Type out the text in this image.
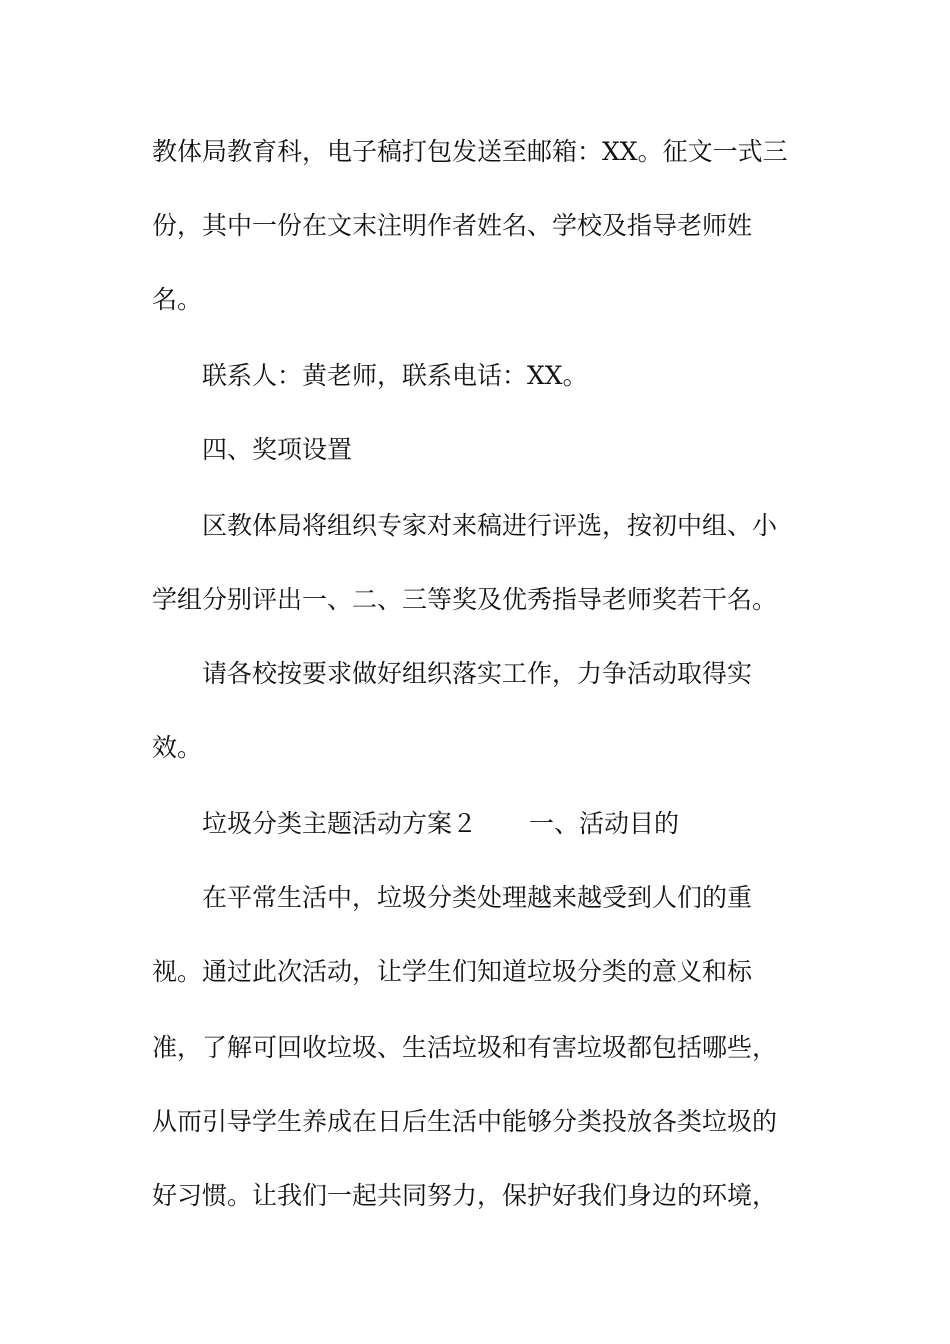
教体局教育科，电子稿打包发送至邮箱：XX。征文一式三
份，其中一份在文末注明作者姓名、学校及指导老师姓
名。
联系人：黄老师，联系电话：XX。
四、奖项设置
区教体局将组织专家对来稿进行评选，按初中组、小
学组分别评出一、二、三等奖及优秀指导老师奖若干名。
请各校按要求做好组织落实工作，力争活动取得实
效。
垃圾分类主题活动方案２ 一、活动目的
在平常生活中，垃圾分类处理越来越受到人们的重
视。通过此次活动，让学生们知道垃圾分类的意义和标
准，了解可回收垃圾、生活垃圾和有害垃圾都包括哪些，
从而引导学生养成在日后生活中能够分类投放各类垃圾的
好习惯。让我们一起共同努力，保护好我们身边的环境，
